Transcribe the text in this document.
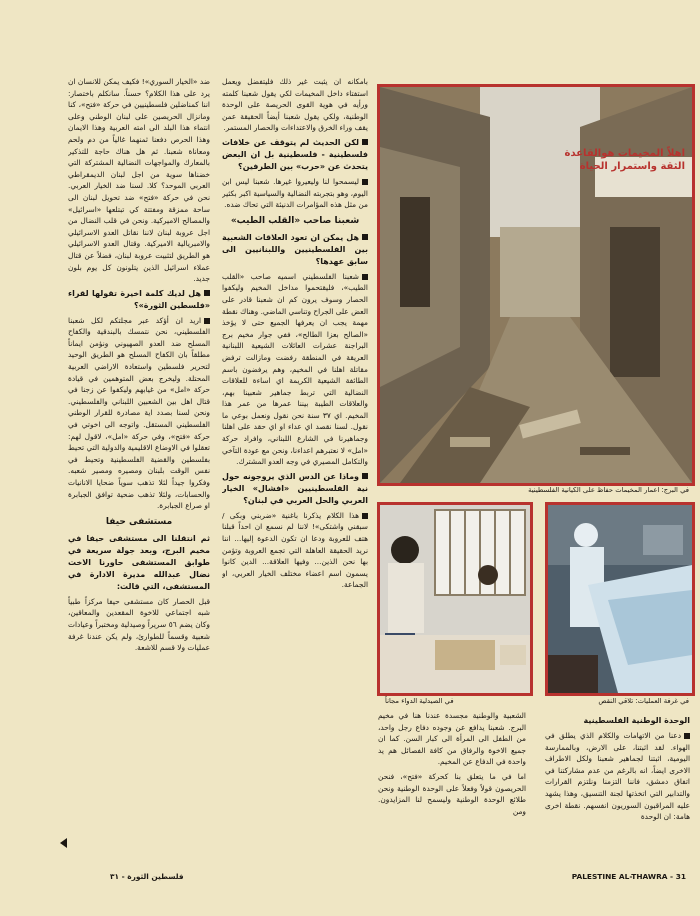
ضد «الخيار السوري»! فكيف يمكن للانسان ان يرد على هذا الكلام؟ حسناً. سانكلم باختصار: اننا كمناضلين فلسطينيين في حركة «فتح»، كنا ومانزال الحريصين على لبنان الوطني وعلى انتماء هذا البلد الى امته العربية وهذا الايمان وهذا الحرص دفعنا ثمنهما غالياً من دم ولحم ومعاناة شعبنا. ثم هل هناك حاجة للتذكير بالمعارك والمواجهات النضالية المشتركة التي خضناها سوية من اجل لبنان الديمقراطي العربي الموحد؟ كلا. لسنا ضد الخيار العربي. نحن في حركة «فتح» ضد تحويل لبنان الى ساحة ممزقة ومفتتة كي تبتلعها «اسرائيل» والمصالح الاميركية. ونحن في قلب النضال من اجل عروبة لبنان لاننا نقاتل العدو الاسرائيلي والامبريالية الاميركية. وقتال العدو الاسرائيلي هو الطريق لتثبيت عروبة لبنان، فضلاً عن قتال عملاء اسرائيل الذين يتلونون كل يوم بلون جديد.

هل لديك كلمة اخيرة تقولها لقراء «فلسطين الثورة»؟

اريد ان أؤكد عبر مجلتكم لكل شعبنا الفلسطيني، نحن نتمسك بالبندقية والكفاح المسلح ضد العدو الصهيوني ونؤمن ايماناً مطلقاً بان الكفاح المسلح هو الطريق الوحيد لتحرير فلسطين واستعادة الاراضي العربية المحتلة. وليخرج بعض المتوهمين في قيادة حركة «امل» من غيابهم وليكفوا عن زجنا في قتال اهل بين الشعبين اللبناني والفلسطيني. ونحن لسنا بصدد اية مصادرة للقرار الوطني الفلسطيني المستقل. واتوجه الى اخوتي في حركة «فتح»، وفي حركة «امل»، لاقول لهم: تعقلوا في الاوضاع الاقليمية والدولية التي تحيط بفلسطين والقضية الفلسطينية وتحيط في نفس الوقت بلبنان ومصيره ومصير شعبه. وفكروا جيداً لئلا تذهب سوياً ضحايا الانانيات والحسابات، ولئلا تذهب ضحية توافق الجبابرة او صراع الجبابرة.

مستشفى حيفا
ثم انتقلنا الى مستشفى حيفا في مخيم البرج، وبعد جولة سريعة في طوابق المستشفى حاورنا الاخت نضال عبدالله مديرة الادارة في المستشفى، التي قالت:

قبل الحصار كان مستشفى حيفا مركزاً طبياً شبه اجتماعي للاخوة المقعدين والمعاقين، وكان يضم ٥٦ سريراً وصيدلية ومختبراً وعيادات شعبية وقسماً للطوارئ، ولم يكن عندنا غرفة عمليات ولا قسم للاشعة.

بامكانه ان يثبت غير ذلك فليتفضل ويعمل استفتاء داخل المخيمات لكي يقول شعبنا كلمته ورأيه في هوية القوى الحريصة على الوحدة الوطنية، ولكي يقول شعبنا أيضاً الحقيقة عمن يقف وراء الخرق والاعتداءات والحصار المستمر.

لكن الحديث لم يتوقف عن خلافات فلسطينية - فلسطينية بل ان البعض يتحدث عن «حرب» بين الطرفين؟

ليسمحوا لنا وليعيروا غيرها. شعبنا ليس ابن اليوم، وهو بتجربته النضالية والسياسية اكبر بكثير من مثل هذه المؤامرات الدنيئة التي تحاك ضده.

شعبنا صاحب «القلب الطيب»
هل يمكن ان تعود العلاقات الشعبية بين الفلسطينيين واللبنانيين الى سابق عهدها؟

شعبنا الفلسطيني اسميه صاحب «القلب الطيب»، فليقتحموا مداخل المخيم وليكفوا الحصار وسوف يرون كم ان شعبنا قادر على العض على الجراح وتناسي الماضي. وهناك نقطة مهمة يجب ان يعرفها الجميع حتى لا يؤخذ «الصالح بعزا الطالح»، ففي جوار مخيم برج البراجنة عشرات العائلات الشيعية اللبنانية العريقة في المنطقة رفضت ومازالت ترفض مقاتلة اهلنا في المخيم، وهم يرفضون باسم الطائفة الشيعية الكريمة اي اساءة للعلاقات النضالية التي تربط جماهير شعبينا بهم، والعلاقات الطيبة بيننا عمرها من عمر هذا المخيم. اي ٣٧ سنة نحن نقول ونعمل بوعي ما نقول. لسنا نقصد اي عداء او اي حقد على اهلنا وجماهيرنا في الشارع اللبناني، وافراد حركة «امل» لا نعتبرهم اعداءنا، ونحن مع عودة التآخي والتكامل المصيري في وجه العدو المشترك.

وماذا عن الدس الذي يروجونه حول نية الفلسطينيين «افشال» الخيار العربي والحل العربي في لبنان؟

هذا الكلام يذكرنا باغنية «ضربني وبكى / سبقني واشتكى»! لاننا لم نسمع ان احداً قبلنا هتف للعروبة ودعا ان تكون الدعوة إليها... اننا نريد الحقيقة العاهلة التي تجمع العروبة وتؤمن بها نحن الذين... وفيها العلاقة... الدين كانوا يسمون اسم اعضاء مختلف الخيار العربي، او الجماعة.

اهلاً المخيمات هوالقاعدة
الثقة واستمرار الحياة
في البرج: اعمار المخيمات حفاظ على الكيانية الفلسطينية
في الصيدلية الدواء مجاناً	في غرفة العمليات: تلاقي النقص

الشعبية والوطنية مجسدة عندنا هنا في مخيم البرج. شعبنا يدافع عن وجوده دفاع رجل واحد، من الطفل الى المرأة الى كبار السن. كما ان جميع الاخوة والرفاق من كافة الفصائل هم يد واحدة في الدفاع عن المخيم.

اما في ما يتعلق بنا كحركة «فتح»، فنحن الحريصون قولاً وفعلاً على الوحدة الوطنية ونحن طلائع الوحدة الوطنية وليسمح لنا المزايدون. ومن

الوحدة الوطنية الفلسطينية

دعنا من الاتهامات والكلام الذي يطلق في الهواء. لقد اثبتنا، على الارض، وبالممارسة اليومية، اثبتنا لجماهير شعبنا ولكل الاطراف الاخرى ايضاً، انه بالرغم من عدم مشاركتنا في اتفاق دمشق، فاننا التزمنا ونلتزم القرارات والتدابير التي اتخذتها لجنة التنسيق، وهذا يشهد عليه المراقبون السوريون انفسهم. نقطة اخرى هامة: ان الوحدة

فلسطين الثورة - ٣١	PALESTINE AL-THAWRA - 31
